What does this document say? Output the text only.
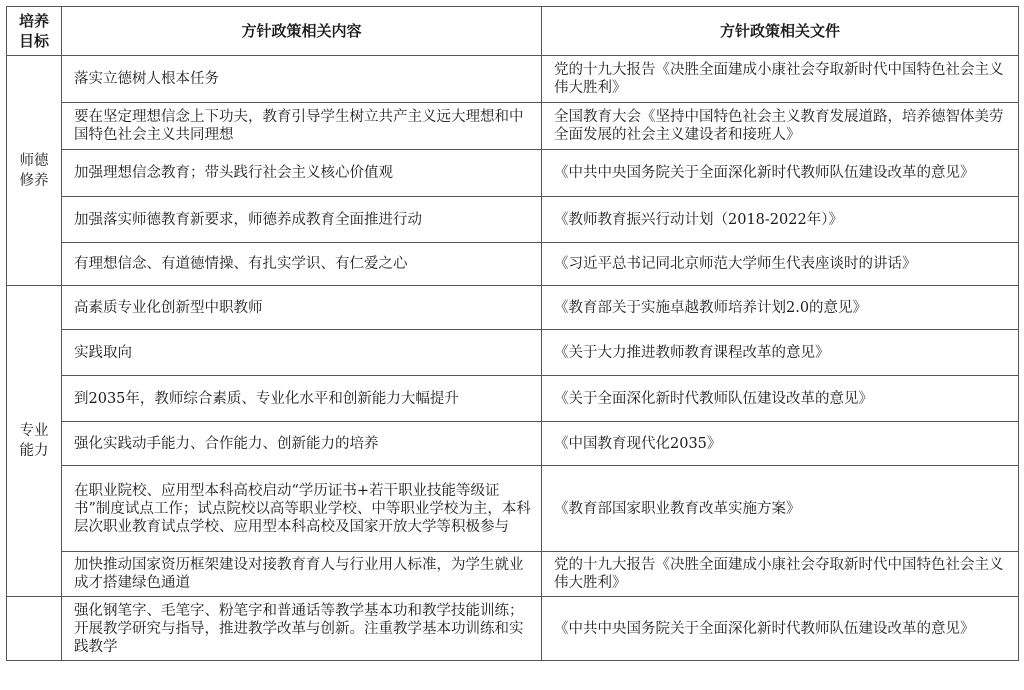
培养目标	方针政策相关内容	方针政策相关文件
师德修养	落实立德树人根本任务	党的十九大报告《决胜全面建成小康社会夺取新时代中国特色社会主义伟大胜利》
	要在坚定理想信念上下功夫，教育引导学生树立共产主义远大理想和中国特色社会主义共同理想	全国教育大会《坚持中国特色社会主义教育发展道路，培养德智体美劳全面发展的社会主义建设者和接班人》
	加强理想信念教育；带头践行社会主义核心价值观	《中共中央国务院关于全面深化新时代教师队伍建设改革的意见》
	加强落实师德教育新要求，师德养成教育全面推进行动	《教师教育振兴行动计划（2018-2022年）》
	有理想信念、有道德情操、有扎实学识、有仁爱之心	《习近平总书记同北京师范大学师生代表座谈时的讲话》
专业能力	高素质专业化创新型中职教师	《教育部关于实施卓越教师培养计划2.0的意见》
	实践取向	《关于大力推进教师教育课程改革的意见》
	到2035年，教师综合素质、专业化水平和创新能力大幅提升	《关于全面深化新时代教师队伍建设改革的意见》
	强化实践动手能力、合作能力、创新能力的培养	《中国教育现代化2035》
	在职业院校、应用型本科高校启动“学历证书+若干职业技能等级证书”制度试点工作；试点院校以高等职业学校、中等职业学校为主，本科层次职业教育试点学校、应用型本科高校及国家开放大学等积极参与	《教育部国家职业教育改革实施方案》
	加快推动国家资历框架建设对接教育育人与行业用人标准，为学生就业成才搭建绿色通道	党的十九大报告《决胜全面建成小康社会夺取新时代中国特色社会主义伟大胜利》
	强化钢笔字、毛笔字、粉笔字和普通话等教学基本功和教学技能训练；开展教学研究与指导，推进教学改革与创新。注重教学基本功训练和实践教学	《中共中央国务院关于全面深化新时代教师队伍建设改革的意见》
